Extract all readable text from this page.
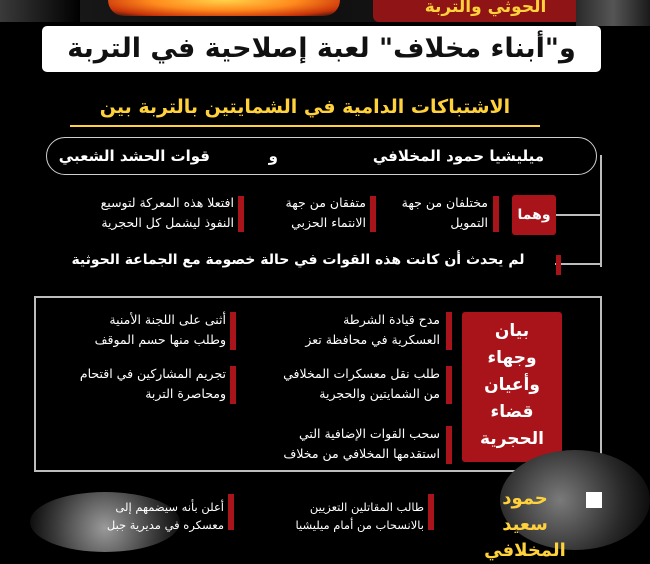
الحوثي والتربة
و"أبناء مخلاف" لعبة إصلاحية في التربة
الاشتباكات الدامية في الشمايتين بالتربة بين
ميليشيا حمود المخلافي
و
قوات الحشد الشعبي
وهما
مختلفان من جهة
التمويل
متفقان من جهة
الانتماء الحزبي
افتعلا هذه المعركة لتوسيع
النفوذ ليشمل كل الحجرية
لم يحدث أن كانت هذه القوات في حالة خصومة مع الجماعة الحوثية
بيان
وجهاء
وأعيان
قضاء
الحجرية
مدح قيادة الشرطة
العسكرية في محافظة تعز
طلب نقل معسكرات المخلافي
من الشمايتين والحجرية
سحب القوات الإضافية التي
استقدمها المخلافي من مخلاف
أثنى على اللجنة الأمنية
وطلب منها حسم الموقف
تجريم المشاركين في اقتحام
ومحاصرة التربة
حمود
سعيد المخلافي
طالب المقاتلين التعزيين
بالانسحاب من أمام ميليشيا
أعلن بأنه سيضمهم إلى
معسكره في مديرية جبل
